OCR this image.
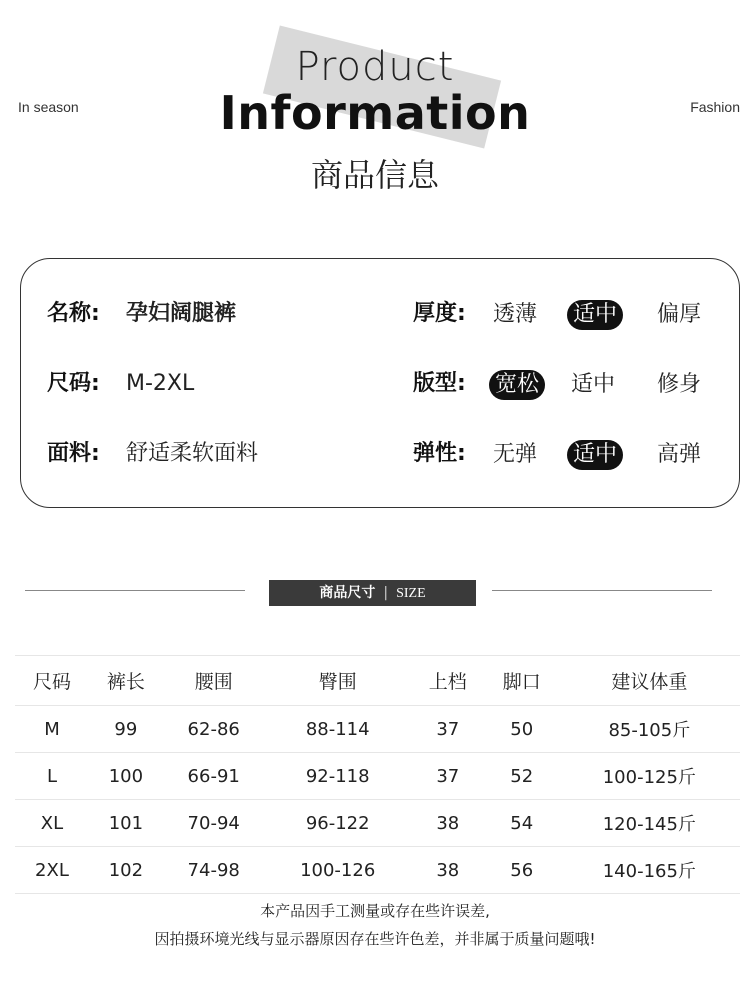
In season	Fashion
Product
Information
商品信息
名称: 孕妇阔腿裤	厚度: 透薄 适中 偏厚
尺码: M-2XL	版型: 宽松 适中 修身
面料: 舒适柔软面料	弹性: 无弹 适中 高弹
商品尺寸 | SIZE
尺码	裤长	腰围	臀围	上档	脚口	建议体重
M	99	62-86	88-114	37	50	85-105斤
L	100	66-91	92-118	37	52	100-125斤
XL	101	70-94	96-122	38	54	120-145斤
2XL	102	74-98	100-126	38	56	140-165斤
本产品因手工测量或存在些许误差,
因拍摄环境光线与显示器原因存在些许色差，并非属于质量问题哦!
